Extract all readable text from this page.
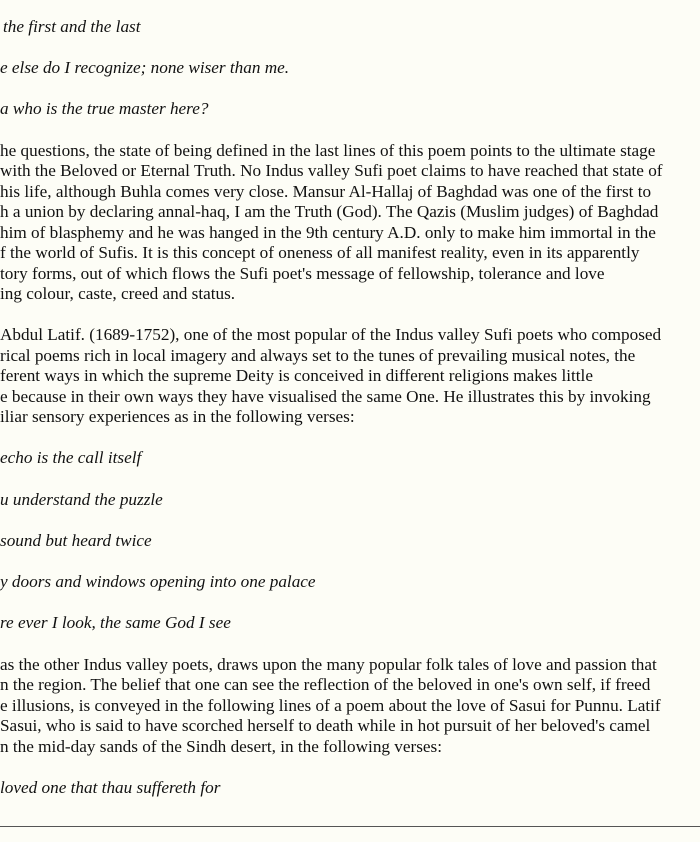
the first and the last
e else do I recognize; none wiser than me.
a who is the true master here?
he questions, the state of being defined in the last lines of this poem points to the ultimate stage
with the Beloved or Eternal Truth. No Indus valley Sufi poet claims to have reached that state of
his life, although Buhla comes very close. Mansur Al-Hallaj of Baghdad was one of the first to
h a union by declaring annal-haq, I am the Truth (God). The Qazis (Muslim judges) of Baghdad
him of blasphemy and he was hanged in the 9th century A.D. only to make him immortal in the
f the world of Sufis. It is this concept of oneness of all manifest reality, even in its apparently
tory forms, out of which flows the Sufi poet's message of fellowship, tolerance and love
ing colour, caste, creed and status.
Abdul Latif. (1689-1752), one of the most popular of the Indus valley Sufi poets who composed
rical poems rich in local imagery and always set to the tunes of prevailing musical notes, the
ferent ways in which the supreme Deity is conceived in different religions makes little
e because in their own ways they have visualised the same One. He illustrates this by invoking
iliar sensory experiences as in the following verses:
echo is the call itself
u understand the puzzle
sound but heard twice
y doors and windows opening into one palace
re ever I look, the same God I see
as the other Indus valley poets, draws upon the many popular folk tales of love and passion that
n the region. The belief that one can see the reflection of the beloved in one's own self, if freed
e illusions, is conveyed in the following lines of a poem about the love of Sasui for Punnu. Latif
Sasui, who is said to have scorched herself to death while in hot pursuit of her beloved's camel
n the mid-day sands of the Sindh desert, in the following verses:
loved one that thau suffereth for
